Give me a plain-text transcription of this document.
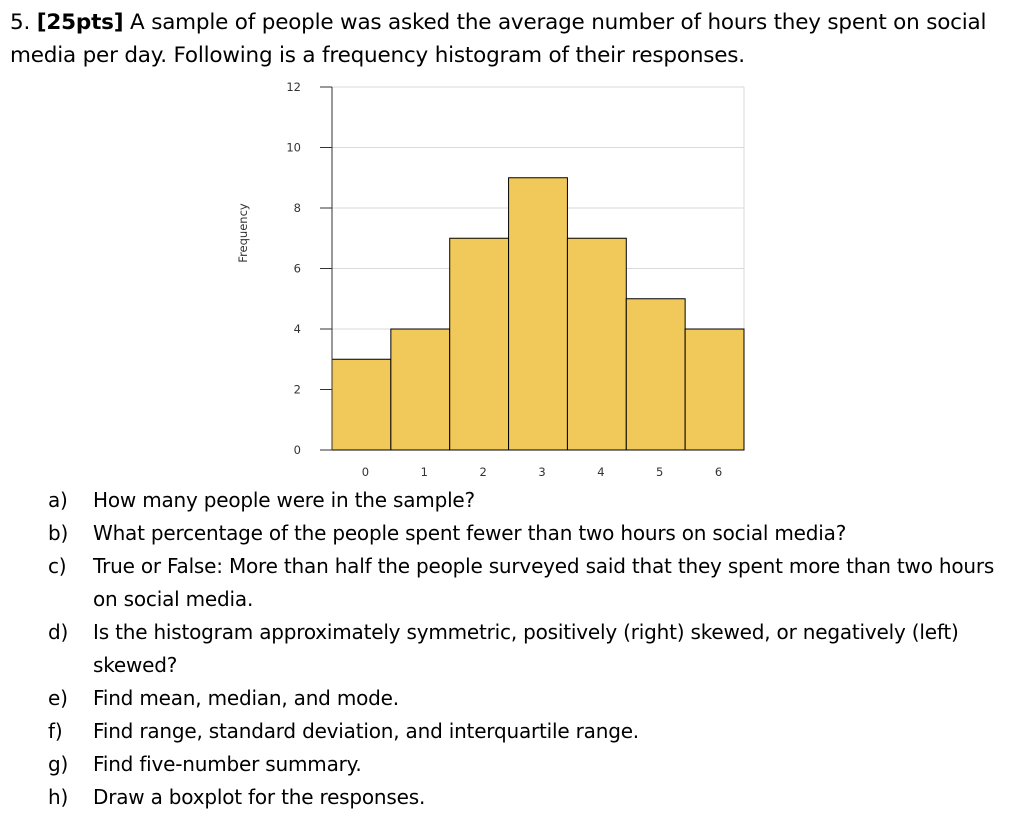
5. [25pts] A sample of people was asked the average number of hours they spent on social media per day. Following is a frequency histogram of their responses.
0
2
4
6
8
10
12
0	1	2	3	4	5	6
Frequency
a)	How many people were in the sample?
b)	What percentage of the people spent fewer than two hours on social media?
c)	True or False: More than half the people surveyed said that they spent more than two hours on social media.
d)	Is the histogram approximately symmetric, positively (right) skewed, or negatively (left) skewed?
e)	Find mean, median, and mode.
f)	Find range, standard deviation, and interquartile range.
g)	Find five-number summary.
h)	Draw a boxplot for the responses.
